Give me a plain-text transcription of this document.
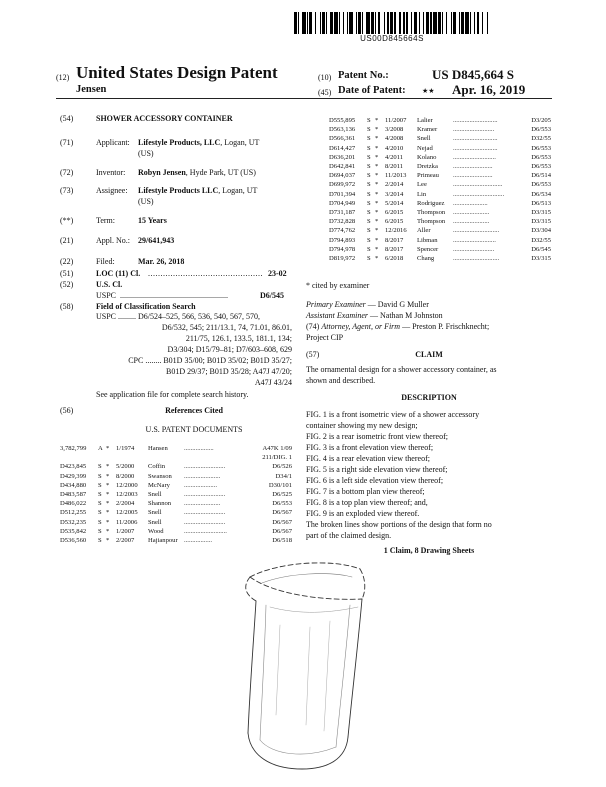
US00D845664S
(12) United States Design Patent
Jensen
(10) Patent No.:	US D845,664 S
(45) Date of Patent: ★★ Apr. 16, 2019
(54)	SHOWER ACCESSORY CONTAINER
(71)	Applicant: Lifestyle Products, LLC, Logan, UT
(US)
(72)	Inventor: Robyn Jensen, Hyde Park, UT (US)
(73)	Assignee: Lifestyle Products LLC, Logan, UT
(US)
(**)	Term:	15 Years
(21)	Appl. No.: 29/641,943
(22)	Filed:	Mar. 26, 2018
(51)	LOC (11) Cl. .............................................. 23-02
(52)	U.S. Cl.
USPC ......................................................	D6/545
(58)	Field of Classification Search
USPC ......... D6/524–525, 566, 536, 540, 567, 570,
D6/532, 545; 211/13.1, 74, 71.01, 86.01,
211/75, 126.1, 133.5, 181.1, 134;
D3/304; D15/79–81; D7/603–608, 629
CPC ........ B01D 35/00; B01D 35/02; B01D 35/27;
B01D 29/37; B01D 35/28; A47J 47/20;
A47J 43/24
See application file for complete search history.
(56)	References Cited
U.S. PATENT DOCUMENTS
3,782,799 A * 1/1974 Hansen ..................	A47K 1/09
211/DIG. 1
D423,845 S * 5/2000 Coffin	.........................	D6/526
D429,399 S * 8/2000 Swanson ......................	D34/1
D434,880 S * 12/2000 McNary ....................	D30/101
D483,587 S * 12/2003 Snell	.........................	D6/525
D486,022 S * 2/2004 Shannon ......................	D6/553
D512,255 S * 12/2005 Snell	.........................	D6/567
D532,235 S * 11/2006 Snell	.........................	D6/567
D535,842 S * 1/2007 Wood	..........................	D6/567
D536,560 S * 2/2007 Hajianpour .................	D6/518
D555,895 S * 11/2007 Lalier	...........................	D3/205
D563,136 S * 3/2008 Kramer .........................	D6/553
D566,361 S * 4/2008 Snell	...........................	D32/55
D614,427 S * 4/2010 Nejad	...........................	D6/553
D636,201 S * 4/2011 Kolano	..........................	D6/553
D642,841 S * 8/2011 Dretzka ........................	D6/553
D694,037 S * 11/2013 Primeau ........................	D6/514
D699,972 S * 2/2014 Lee	..............................	D6/553
D701,394 S * 3/2014 Lin	...............................	D6/534
D704,949 S * 5/2014 Rodriguez .....................	D6/513
D731,187 S * 6/2015 Thompson ......................	D3/315
D732,828 S * 6/2015 Thompson ......................	D3/315
D774,762 S * 12/2016 Aller	............................	D3/304
D794,893 S * 8/2017 Libman ..........................	D32/55
D794,978 S * 8/2017 Spencer .........................	D6/545
D819,972 S * 6/2018 Chang	............................	D3/315
* cited by examiner
Primary Examiner — David G Muller
Assistant Examiner — Nathan M Johnston
(74) Attorney, Agent, or Firm — Preston P. Frischknecht;
Project CIP
(57)	CLAIM
The ornamental design for a shower accessory container, as
shown and described.
DESCRIPTION
FIG. 1 is a front isometric view of a shower accessory
container showing my new design;
FIG. 2 is a rear isometric front view thereof;
FIG. 3 is a front elevation view thereof;
FIG. 4 is a rear elevation view thereof;
FIG. 5 is a right side elevation view thereof;
FIG. 6 is a left side elevation view thereof;
FIG. 7 is a bottom plan view thereof;
FIG. 8 is a top plan view thereof; and,
FIG. 9 is an exploded view thereof.
The broken lines show portions of the design that form no
part of the claimed design.
1 Claim, 8 Drawing Sheets
